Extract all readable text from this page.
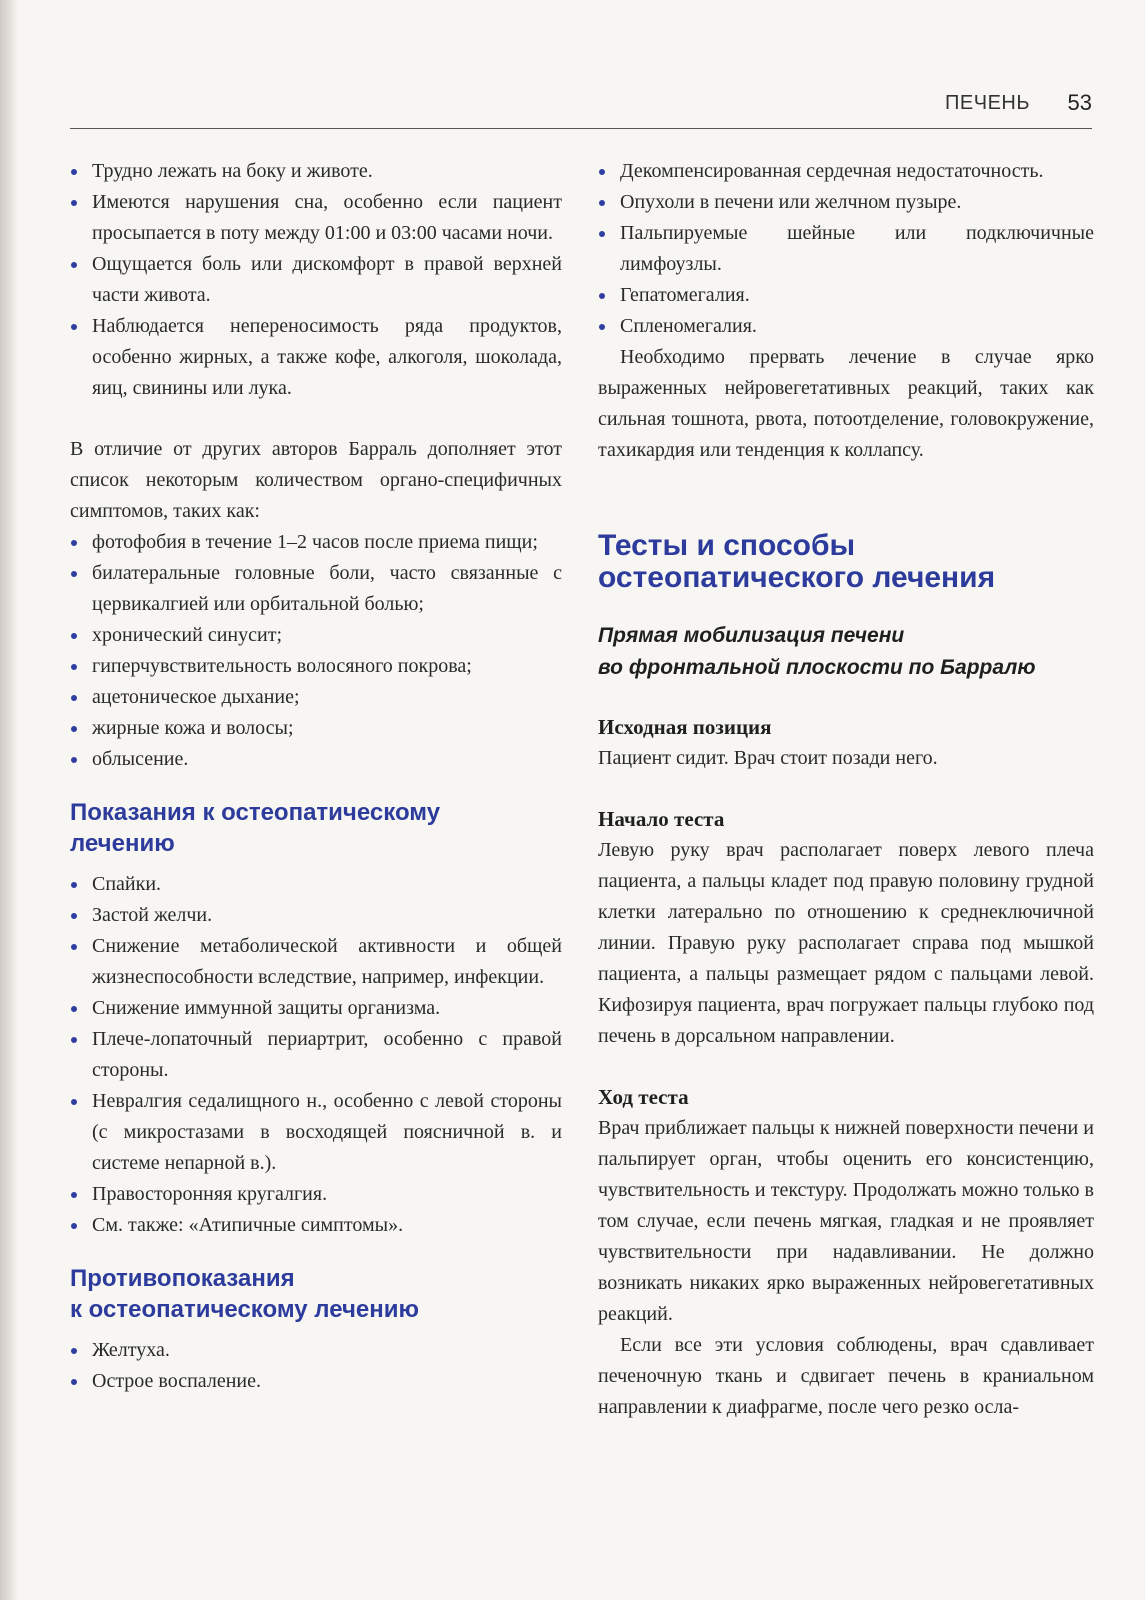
ПЕЧЕНЬ 53
Трудно лежать на боку и животе.
Имеются нарушения сна, особенно если пациент просыпается в поту между 01:00 и 03:00 часами ночи.
Ощущается боль или дискомфорт в правой верхней части живота.
Наблюдается непереносимость ряда продуктов, особенно жирных, а также кофе, алкоголя, шоколада, яиц, свинины или лука.

В отличие от других авторов Барраль дополняет этот список некоторым количеством органо-специфичных симптомов, таких как:

фотофобия в течение 1–2 часов после приема пищи;
билатеральные головные боли, часто связанные с цервикалгией или орбитальной болью;
хронический синусит;
гиперчувствительность волосяного покрова;
ацетоническое дыхание;
жирные кожа и волосы;
облысение.
Показания к остеопатическому лечению
Спайки.
Застой желчи.
Снижение метаболической активности и общей жизнеспособности вследствие, например, инфекции.
Снижение иммунной защиты организма.
Плече-лопаточный периартрит, особенно с правой стороны.
Невралгия седалищного н., особенно с левой стороны (с микростазами в восходящей поясничной в. и системе непарной в.).
Правосторонняя кругалгия.
См. также: «Атипичные симптомы».
Противопоказания
к остеопатическому лечению
Желтуха.
Острое воспаление.
Декомпенсированная сердечная недостаточность.
Опухоли в печени или желчном пузыре.
Пальпируемые шейные или подключичные лимфоузлы.
Гепатомегалия.
Спленомегалия.

Необходимо прервать лечение в случае ярко выраженных нейровегетативных реакций, таких как сильная тошнота, рвота, потоотделение, головокружение, тахикардия или тенденция к коллапсу.

Тесты и способы
остеопатического лечения
Прямая мобилизация печени
во фронтальной плоскости по Барралю
Исходная позиция

Пациент сидит. Врач стоит позади него.

Начало теста

Левую руку врач располагает поверх левого плеча пациента, а пальцы кладет под правую половину грудной клетки латерально по отношению к среднеключичной линии. Правую руку располагает справа под мышкой пациента, а пальцы размещает рядом с пальцами левой. Кифозируя пациента, врач погружает пальцы глубоко под печень в дорсальном направлении.

Ход теста

Врач приближает пальцы к нижней поверхности печени и пальпирует орган, чтобы оценить его консистенцию, чувствительность и текстуру. Продолжать можно только в том случае, если печень мягкая, гладкая и не проявляет чувствительности при надавливании. Не должно возникать никаких ярко выраженных нейровегетативных реакций.

Если все эти условия соблюдены, врач сдавливает печеночную ткань и сдвигает печень в краниальном направлении к диафрагме, после чего резко осла-
